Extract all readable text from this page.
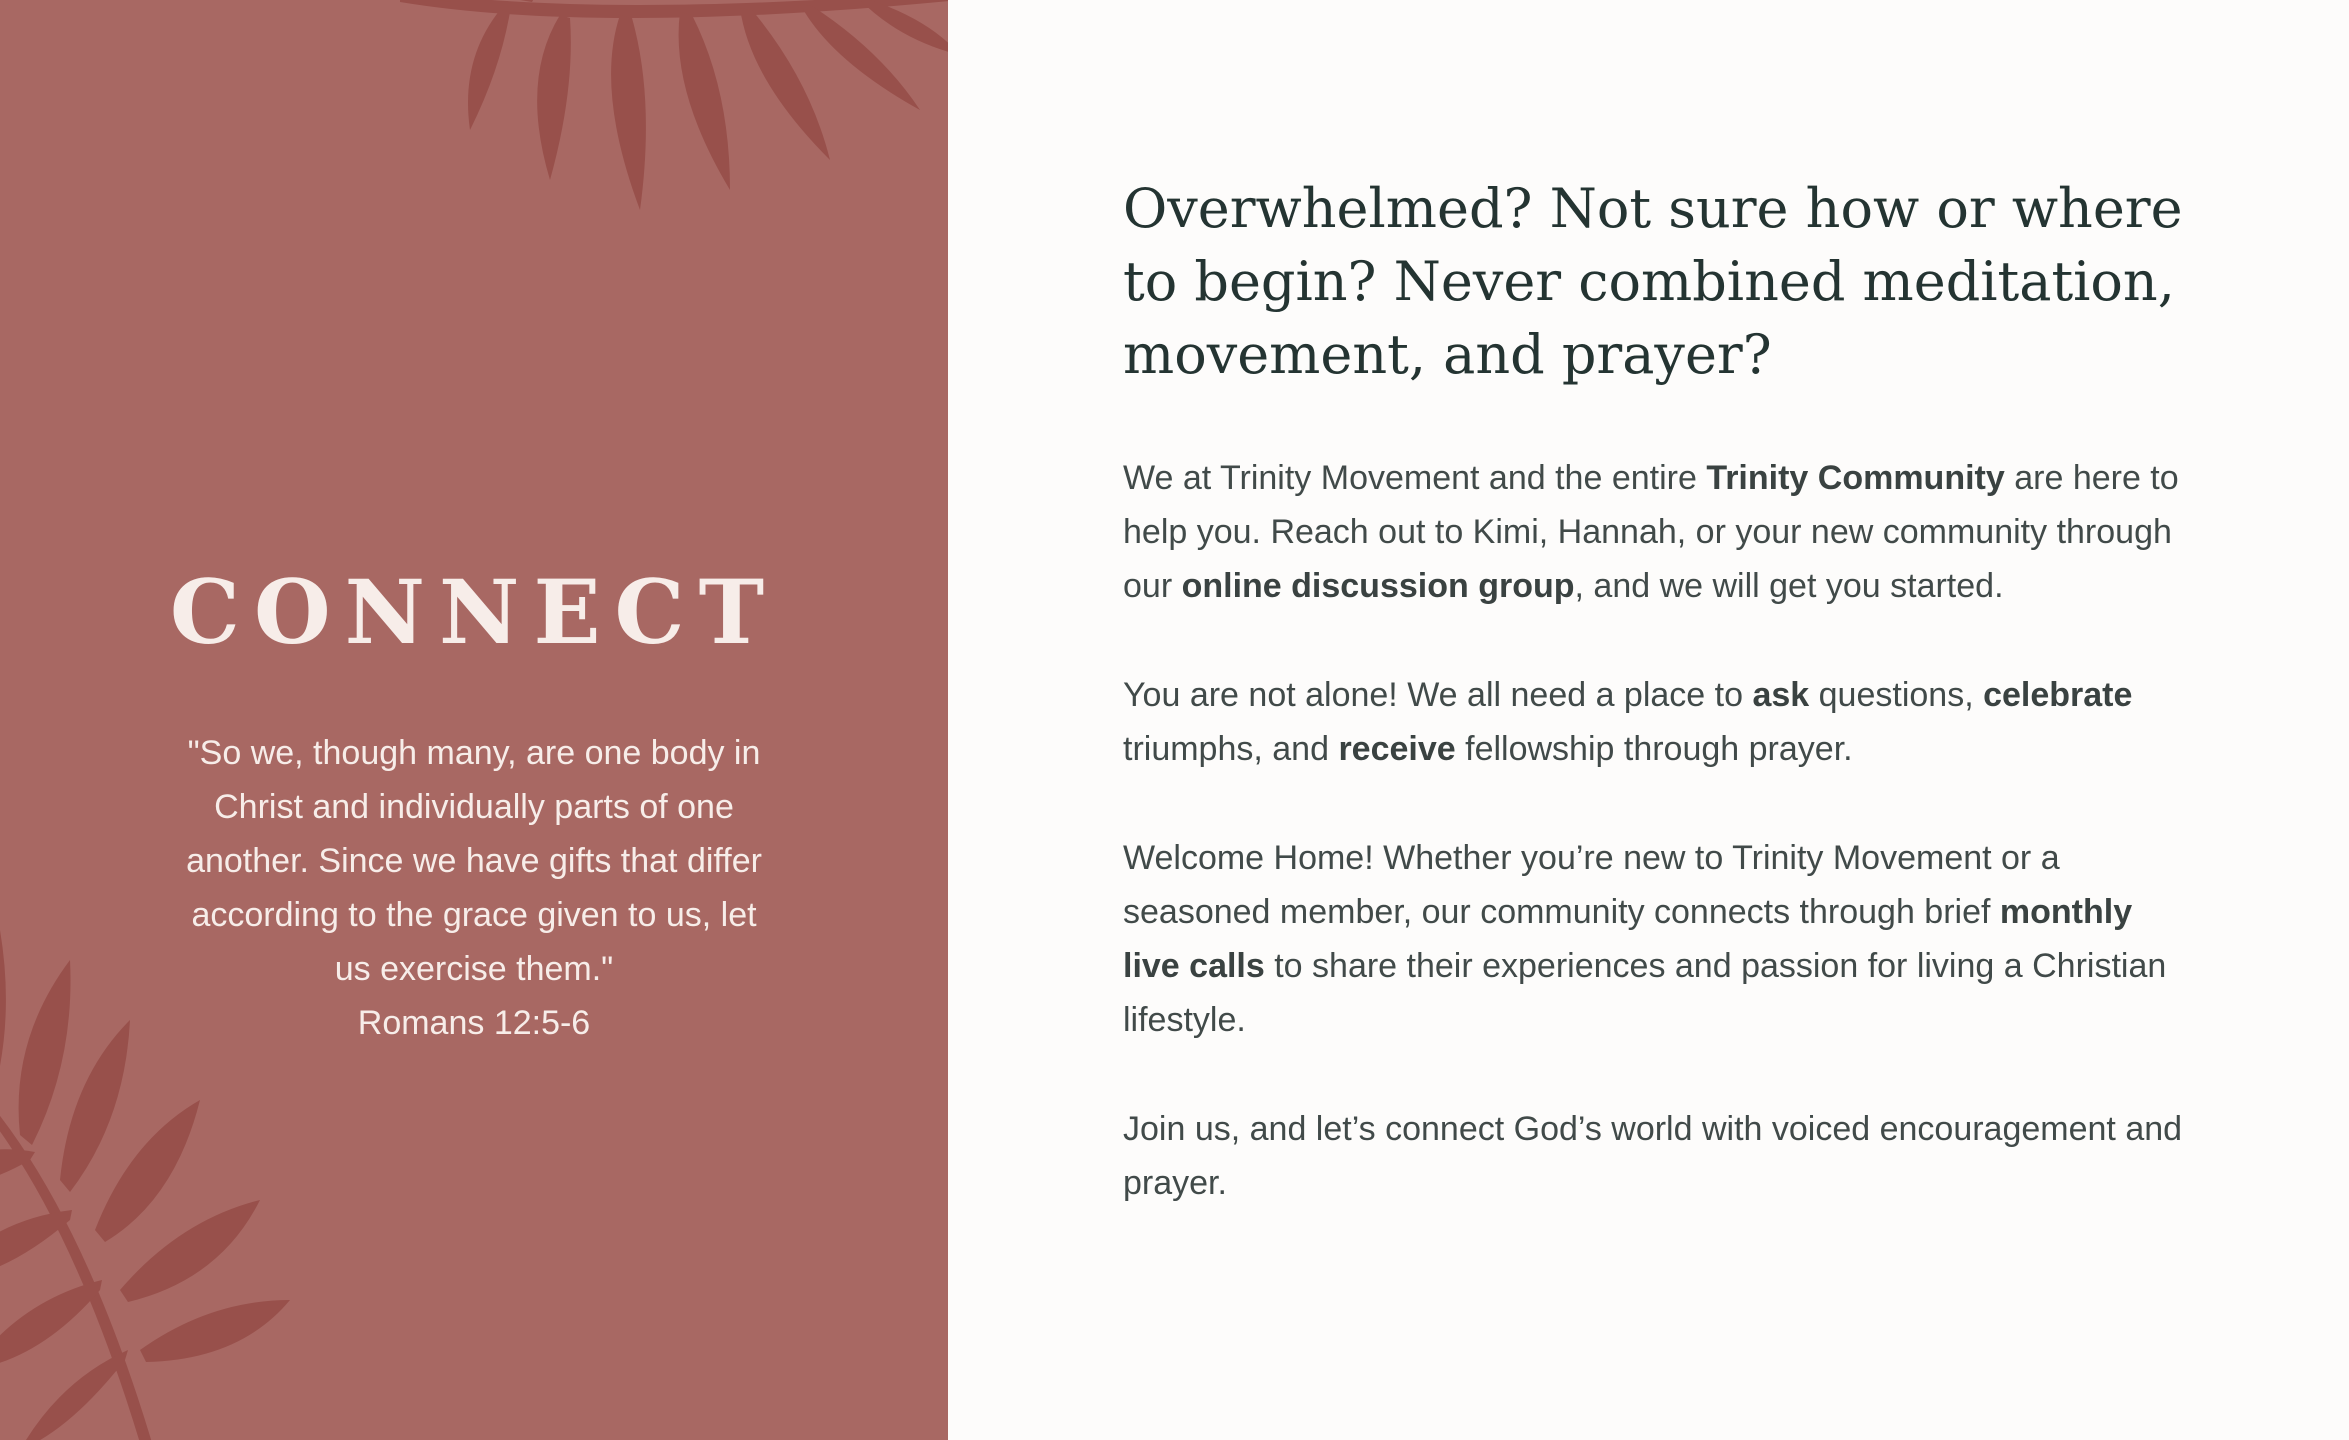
CONNECT
"So we, though many, are one body in Christ and individually parts of one another. Since we have gifts that differ according to the grace given to us, let us exercise them."
Romans 12:5-6
Overwhelmed? Not sure how or where to begin? Never combined meditation, movement, and prayer?

We at Trinity Movement and the entire Trinity Community are here to help you. Reach out to Kimi, Hannah, or your new community through our online discussion group, and we will get you started.

You are not alone! We all need a place to ask questions, celebrate triumphs, and receive fellowship through prayer.

Welcome Home! Whether you’re new to Trinity Movement or a seasoned member, our community connects through brief monthly live calls to share their experiences and passion for living a Christian lifestyle.

Join us, and let’s connect God’s world with voiced encouragement and prayer.
